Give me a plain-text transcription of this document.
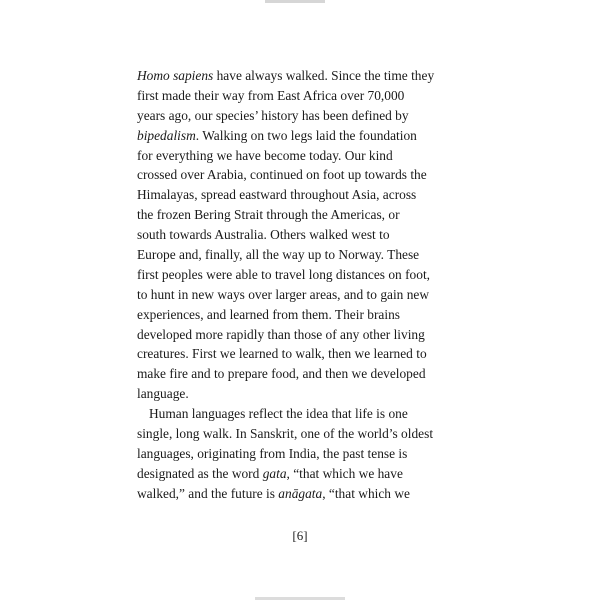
Homo sapiens have always walked. Since the time they
first made their way from East Africa over 70,000
years ago, our species’ history has been defined by
bipedalism. Walking on two legs laid the foundation
for everything we have become today. Our kind
crossed over Arabia, continued on foot up towards the
Himalayas, spread eastward throughout Asia, across
the frozen Bering Strait through the Americas, or
south towards Australia. Others walked west to
Europe and, finally, all the way up to Norway. These
first peoples were able to travel long distances on foot,
to hunt in new ways over larger areas, and to gain new
experiences, and learned from them. Their brains
developed more rapidly than those of any other living
creatures. First we learned to walk, then we learned to
make fire and to prepare food, and then we developed
language.
Human languages reflect the idea that life is one
single, long walk. In Sanskrit, one of the world’s oldest
languages, originating from India, the past tense is
designated as the word gata, “that which we have
walked,” and the future is anāgata, “that which we
[6]
